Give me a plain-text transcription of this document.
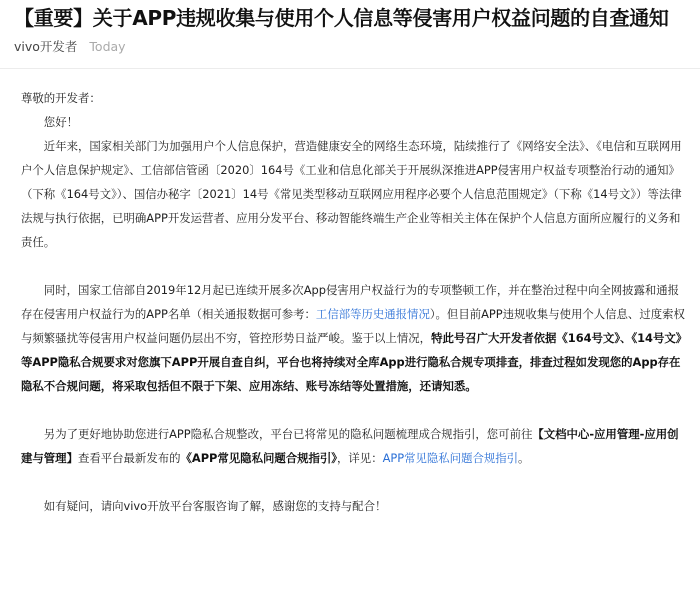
【重要】关于APP违规收集与使用个人信息等侵害用户权益问题的自查通知
vivo开发者 Today

尊敬的开发者：

您好！

近年来，国家相关部门为加强用户个人信息保护，营造健康安全的网络生态环境，陆续推行了《网络安全法》、《电信和互联网用户个人信息保护规定》、工信部信管函〔2020〕164号《工业和信息化部关于开展纵深推进APP侵害用户权益专项整治行动的通知》（下称《164号文》）、国信办秘字〔2021〕14号《常见类型移动互联网应用程序必要个人信息范围规定》（下称《14号文》）等法律法规与执行依据，已明确APP开发运营者、应用分发平台、移动智能终端生产企业等相关主体在保护个人信息方面所应履行的义务和责任。

同时，国家工信部自2019年12月起已连续开展多次App侵害用户权益行为的专项整顿工作，并在整治过程中向全网披露和通报存在侵害用户权益行为的APP名单（相关通报数据可参考：工信部等历史通报情况）。但目前APP违规收集与使用个人信息、过度索权与频繁骚扰等侵害用户权益问题仍层出不穷，管控形势日益严峻。鉴于以上情况，特此号召广大开发者依据《164号文》、《14号文》等APP隐私合规要求对您旗下APP开展自查自纠，平台也将持续对全库App进行隐私合规专项排查，排查过程如发现您的App存在隐私不合规问题，将采取包括但不限于下架、应用冻结、账号冻结等处置措施，还请知悉。

另为了更好地协助您进行APP隐私合规整改，平台已将常见的隐私问题梳理成合规指引，您可前往【文档中心-应用管理-应用创建与管理】查看平台最新发布的《APP常见隐私问题合规指引》，详见：APP常见隐私问题合规指引。

如有疑问，请向vivo开放平台客服咨询了解，感谢您的支持与配合！
